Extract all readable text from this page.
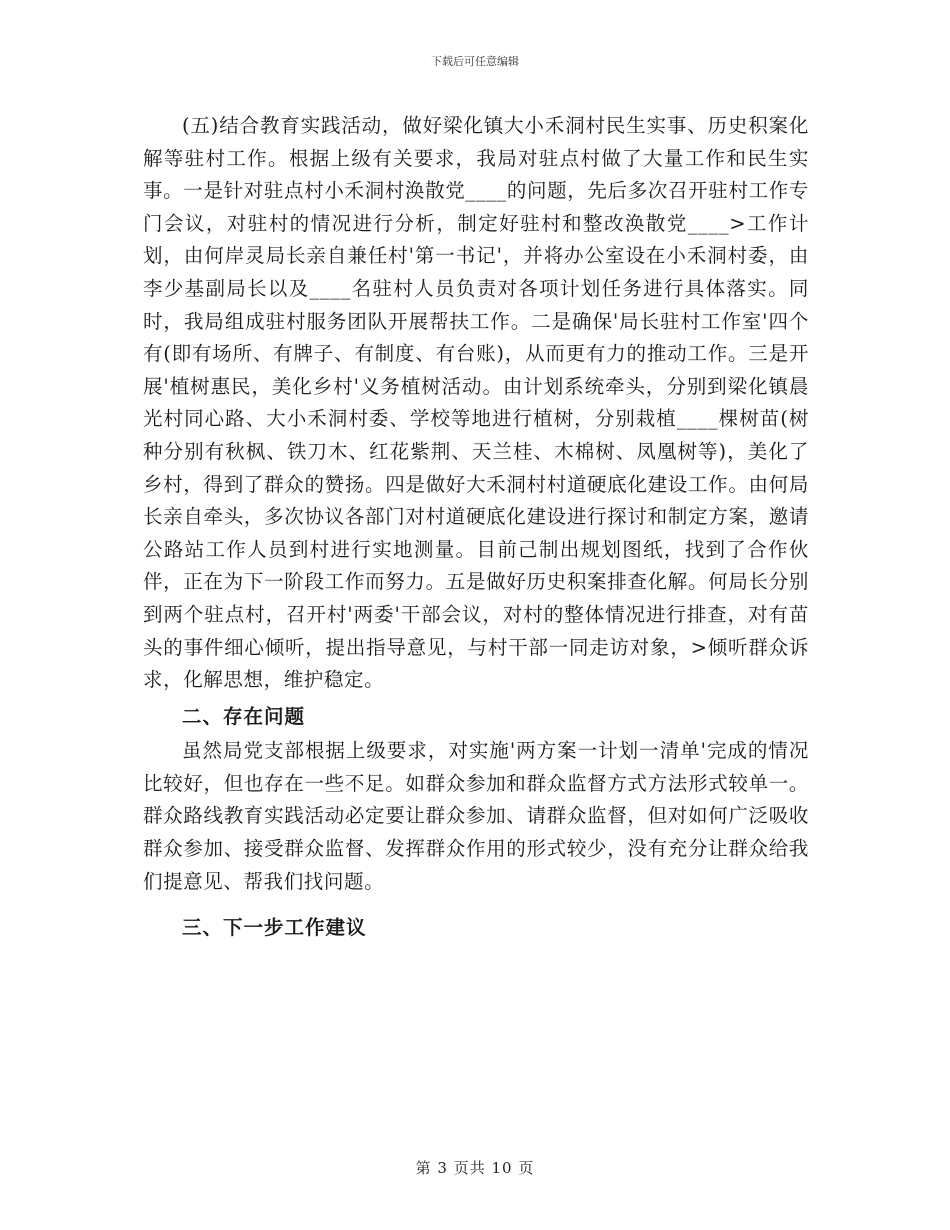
下载后可任意编辑

(五)结合教育实践活动，做好梁化镇大小禾洞村民生实事、历史积案化解等驻村工作。根据上级有关要求，我局对驻点村做了大量工作和民生实事。一是针对驻点村小禾洞村涣散党____的问题，先后多次召开驻村工作专门会议，对驻村的情况进行分析，制定好驻村和整改涣散党____>工作计划，由何岸灵局长亲自兼任村'第一书记'，并将办公室设在小禾洞村委，由李少基副局长以及____名驻村人员负责对各项计划任务进行具体落实。同时，我局组成驻村服务团队开展帮扶工作。二是确保'局长驻村工作室'四个有(即有场所、有牌子、有制度、有台账)，从而更有力的推动工作。三是开展'植树惠民，美化乡村'义务植树活动。由计划系统牵头，分别到梁化镇晨光村同心路、大小禾洞村委、学校等地进行植树，分别栽植____棵树苗(树种分别有秋枫、铁刀木、红花紫荆、天兰桂、木棉树、凤凰树等)，美化了乡村，得到了群众的赞扬。四是做好大禾洞村村道硬底化建设工作。由何局长亲自牵头，多次协议各部门对村道硬底化建设进行探讨和制定方案，邀请公路站工作人员到村进行实地测量。目前己制出规划图纸，找到了合作伙伴，正在为下一阶段工作而努力。五是做好历史积案排查化解。何局长分别到两个驻点村，召开村'两委'干部会议，对村的整体情况进行排查，对有苗头的事件细心倾听，提出指导意见，与村干部一同走访对象，>倾听群众诉求，化解思想，维护稳定。

二、存在问题

虽然局党支部根据上级要求，对实施'两方案一计划一清单'完成的情况比较好，但也存在一些不足。如群众参加和群众监督方式方法形式较单一。群众路线教育实践活动必定要让群众参加、请群众监督，但对如何广泛吸收群众参加、接受群众监督、发挥群众作用的形式较少，没有充分让群众给我们提意见、帮我们找问题。

三、下一步工作建议

第 3 页共 10 页
